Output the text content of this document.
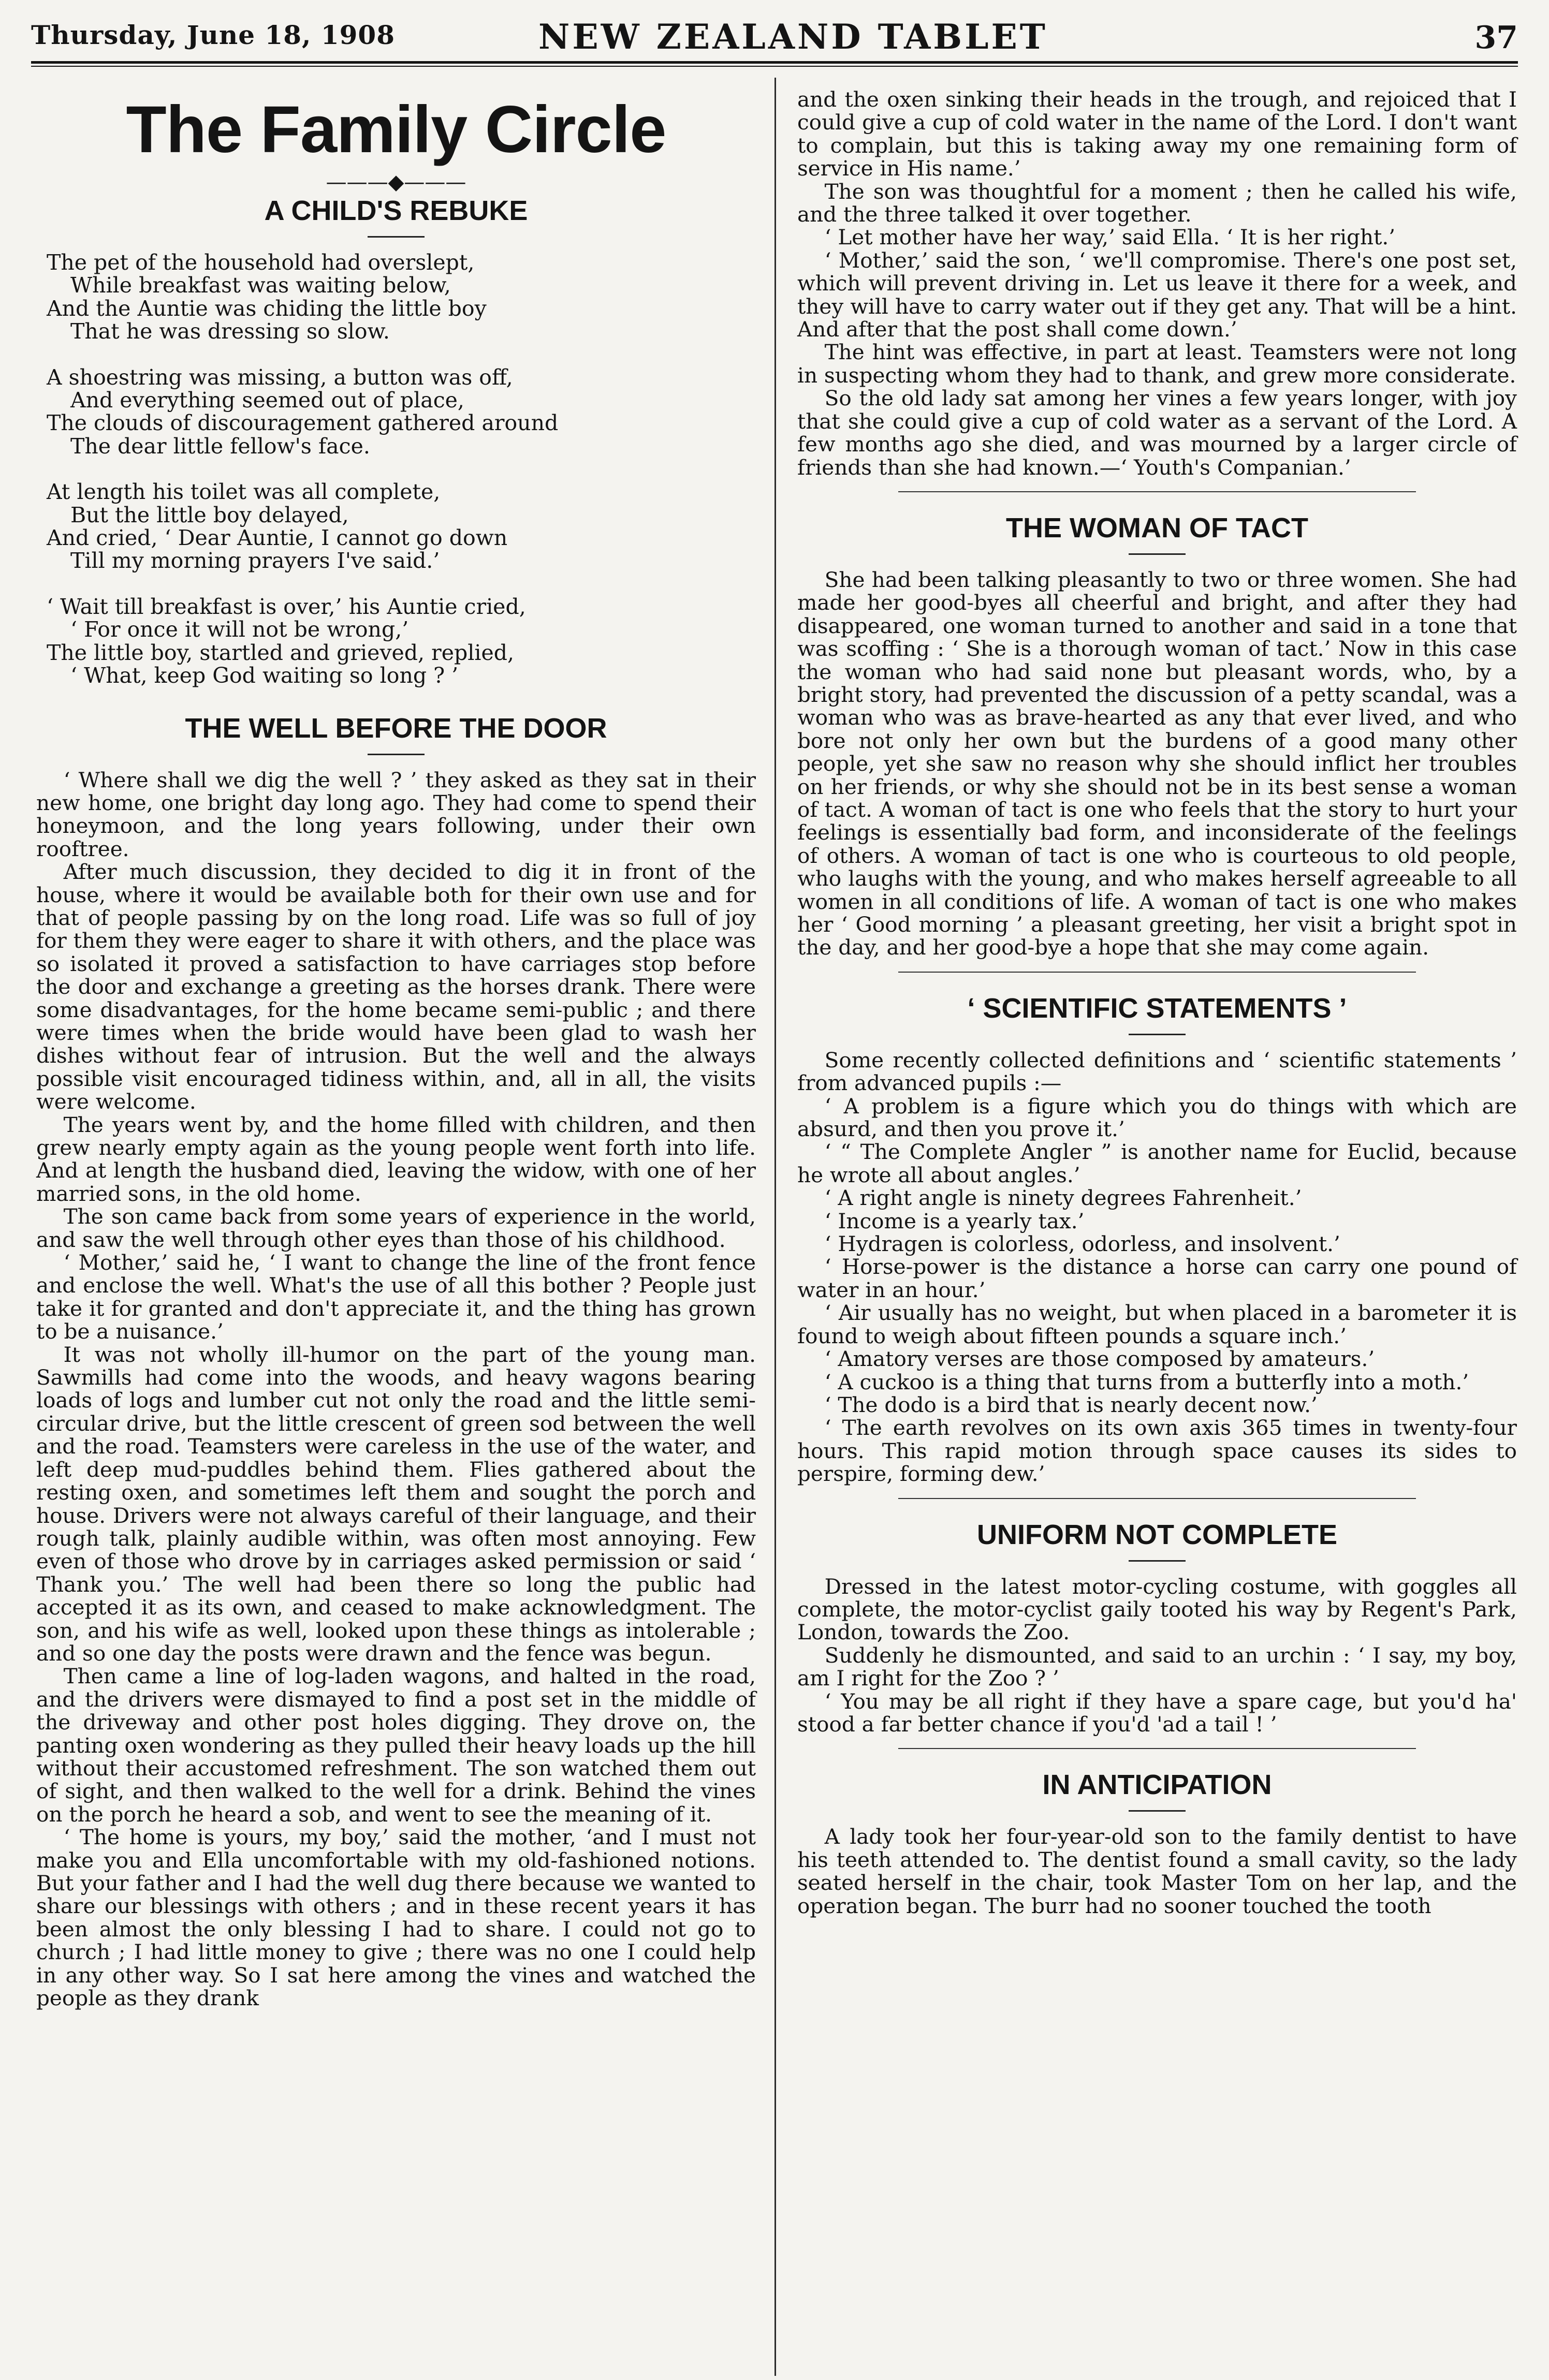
Thursday, June 18, 1908	NEW ZEALAND TABLET	37
The Family Circle
———◆———
A CHILD'S REBUKE
The pet of the household had overslept,
While breakfast was waiting below,
And the Auntie was chiding the little boy
That he was dressing so slow.
A shoestring was missing, a button was off,
And everything seemed out of place,
The clouds of discouragement gathered around
The dear little fellow's face.
At length his toilet was all complete,
But the little boy delayed,
And cried, ‘ Dear Auntie, I cannot go down
Till my morning prayers I've said.’
‘ Wait till breakfast is over,’ his Auntie cried,
‘ For once it will not be wrong,’
The little boy, startled and grieved, replied,
‘ What, keep God waiting so long ? ’
THE WELL BEFORE THE DOOR

‘ Where shall we dig the well ? ’ they asked as they sat in their new home, one bright day long ago. They had come to spend their honeymoon, and the long years following, under their own rooftree.

After much discussion, they decided to dig it in front of the house, where it would be available both for their own use and for that of people passing by on the long road. Life was so full of joy for them they were eager to share it with others, and the place was so isolated it proved a satisfaction to have carriages stop before the door and exchange a greeting as the horses drank. There were some disadvantages, for the home became semi-public ; and there were times when the bride would have been glad to wash her dishes without fear of intrusion. But the well and the always possible visit encouraged tidiness within, and, all in all, the visits were welcome.

The years went by, and the home filled with children, and then grew nearly empty again as the young people went forth into life. And at length the husband died, leaving the widow, with one of her married sons, in the old home.

The son came back from some years of experience in the world, and saw the well through other eyes than those of his childhood.

‘ Mother,’ said he, ‘ I want to change the line of the front fence and enclose the well. What's the use of all this bother ? People just take it for granted and don't appreciate it, and the thing has grown to be a nuisance.’

It was not wholly ill-humor on the part of the young man. Sawmills had come into the woods, and heavy wagons bearing loads of logs and lumber cut not only the road and the little semi-circular drive, but the little crescent of green sod between the well and the road. Teamsters were careless in the use of the water, and left deep mud-puddles behind them. Flies gathered about the resting oxen, and sometimes left them and sought the porch and house. Drivers were not always careful of their language, and their rough talk, plainly audible within, was often most annoying. Few even of those who drove by in carriages asked permission or said ‘ Thank you.’ The well had been there so long the public had accepted it as its own, and ceased to make acknowledgment. The son, and his wife as well, looked upon these things as intolerable ; and so one day the posts were drawn and the fence was begun.

Then came a line of log-laden wagons, and halted in the road, and the drivers were dismayed to find a post set in the middle of the driveway and other post holes digging. They drove on, the panting oxen wondering as they pulled their heavy loads up the hill without their accustomed refreshment. The son watched them out of sight, and then walked to the well for a drink. Behind the vines on the porch he heard a sob, and went to see the meaning of it.

‘ The home is yours, my boy,’ said the mother, ‘and I must not make you and Ella uncomfortable with my old-fashioned notions. But your father and I had the well dug there because we wanted to share our blessings with others ; and in these recent years it has been almost the only blessing I had to share. I could not go to church ; I had little money to give ; there was no one I could help in any other way. So I sat here among the vines and watched the people as they drank

and the oxen sinking their heads in the trough, and rejoiced that I could give a cup of cold water in the name of the Lord. I don't want to complain, but this is taking away my one remaining form of service in His name.’

The son was thoughtful for a moment ; then he called his wife, and the three talked it over together.

‘ Let mother have her way,’ said Ella. ‘ It is her right.’

‘ Mother,’ said the son, ‘ we'll compromise. There's one post set, which will prevent driving in. Let us leave it there for a week, and they will have to carry water out if they get any. That will be a hint. And after that the post shall come down.’

The hint was effective, in part at least. Teamsters were not long in suspecting whom they had to thank, and grew more considerate.

So the old lady sat among her vines a few years longer, with joy that she could give a cup of cold water as a servant of the Lord. A few months ago she died, and was mourned by a larger circle of friends than she had known.—‘ Youth's Companian.’

THE WOMAN OF TACT

She had been talking pleasantly to two or three women. She had made her good-byes all cheerful and bright, and after they had disappeared, one woman turned to another and said in a tone that was scoffing : ‘ She is a thorough woman of tact.’ Now in this case the woman who had said none but pleasant words, who, by a bright story, had prevented the discussion of a petty scandal, was a woman who was as brave-hearted as any that ever lived, and who bore not only her own but the burdens of a good many other people, yet she saw no reason why she should inflict her troubles on her friends, or why she should not be in its best sense a woman of tact. A woman of tact is one who feels that the story to hurt your feelings is essentially bad form, and inconsiderate of the feelings of others. A woman of tact is one who is courteous to old people, who laughs with the young, and who makes herself agreeable to all women in all conditions of life. A woman of tact is one who makes her ‘ Good morning ’ a pleasant greeting, her visit a bright spot in the day, and her good-bye a hope that she may come again.

‘ SCIENTIFIC STATEMENTS ’

Some recently collected definitions and ‘ scientific statements ’ from advanced pupils :—

‘ A problem is a figure which you do things with which are absurd, and then you prove it.’

‘ “ The Complete Angler ” is another name for Euclid, because he wrote all about angles.’

‘ A right angle is ninety degrees Fahrenheit.’

‘ Income is a yearly tax.’

‘ Hydragen is colorless, odorless, and insolvent.’

‘ Horse-power is the distance a horse can carry one pound of water in an hour.’

‘ Air usually has no weight, but when placed in a barometer it is found to weigh about fifteen pounds a square inch.’

‘ Amatory verses are those composed by amateurs.’

‘ A cuckoo is a thing that turns from a butterfly into a moth.’

‘ The dodo is a bird that is nearly decent now.’

‘ The earth revolves on its own axis 365 times in twenty-four hours. This rapid motion through space causes its sides to perspire, forming dew.’

UNIFORM NOT COMPLETE

Dressed in the latest motor-cycling costume, with goggles all complete, the motor-cyclist gaily tooted his way by Regent's Park, London, towards the Zoo.

Suddenly he dismounted, and said to an urchin : ‘ I say, my boy, am I right for the Zoo ? ’

‘ You may be all right if they have a spare cage, but you'd ha' stood a far better chance if you'd 'ad a tail ! ’

IN ANTICIPATION

A lady took her four-year-old son to the family dentist to have his teeth attended to. The dentist found a small cavity, so the lady seated herself in the chair, took Master Tom on her lap, and the operation began. The burr had no sooner touched the tooth
